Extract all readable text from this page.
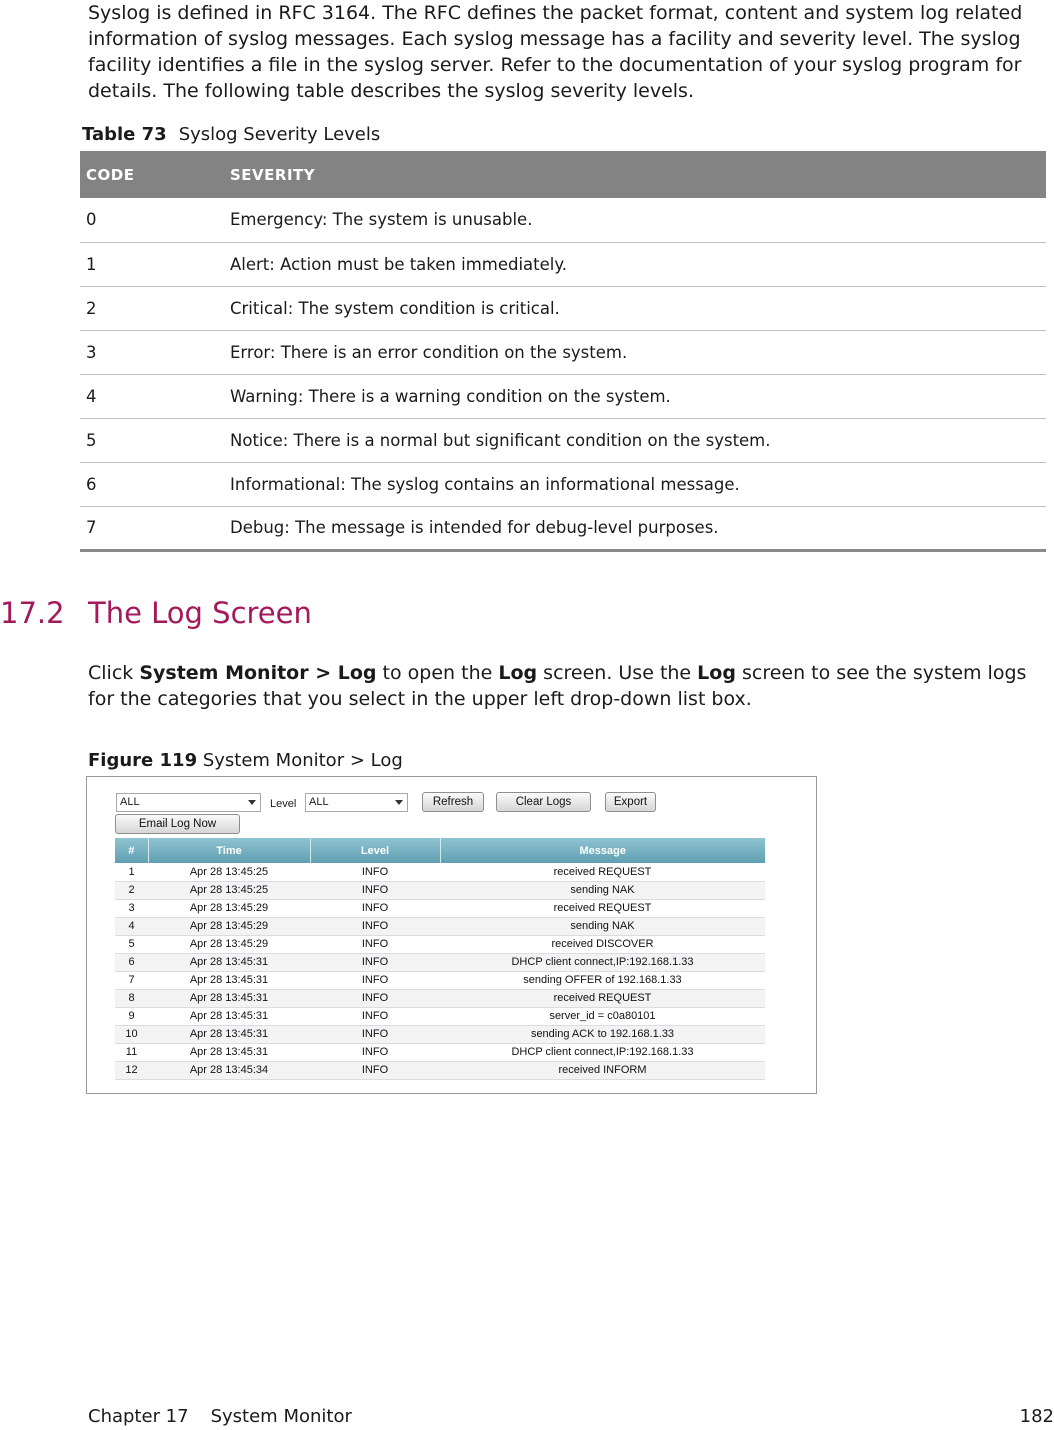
Syslog is defined in RFC 3164. The RFC defines the packet format, content and system log related information of syslog messages. Each syslog message has a facility and severity level. The syslog facility identifies a file in the syslog server. Refer to the documentation of your syslog program for details. The following table describes the syslog severity levels.

Table 73 Syslog Severity Levels
CODE	SEVERITY
0	Emergency: The system is unusable.
1	Alert: Action must be taken immediately.
2	Critical: The system condition is critical.
3	Error: There is an error condition on the system.
4	Warning: There is a warning condition on the system.
5	Notice: There is a normal but significant condition on the system.
6	Informational: The syslog contains an informational message.
7	Debug: The message is intended for debug-level purposes.
17.2 The Log Screen

Click System Monitor > Log to open the Log screen. Use the Log screen to see the system logs for the categories that you select in the upper left drop-down list box.

Figure 119 System Monitor > Log
ALL	Level	ALL	Refresh	Clear Logs	Export
Email Log Now
#	Time	Level	Message
1	Apr 28 13:45:25	INFO	received REQUEST
2	Apr 28 13:45:25	INFO	sending NAK
3	Apr 28 13:45:29	INFO	received REQUEST
4	Apr 28 13:45:29	INFO	sending NAK
5	Apr 28 13:45:29	INFO	received DISCOVER
6	Apr 28 13:45:31	INFO	DHCP client connect,IP:192.168.1.33
7	Apr 28 13:45:31	INFO	sending OFFER of 192.168.1.33
8	Apr 28 13:45:31	INFO	received REQUEST
9	Apr 28 13:45:31	INFO	server_id = c0a80101
10	Apr 28 13:45:31	INFO	sending ACK to 192.168.1.33
11	Apr 28 13:45:31	INFO	DHCP client connect,IP:192.168.1.33
12	Apr 28 13:45:34	INFO	received INFORM
Chapter 17 System Monitor	182
